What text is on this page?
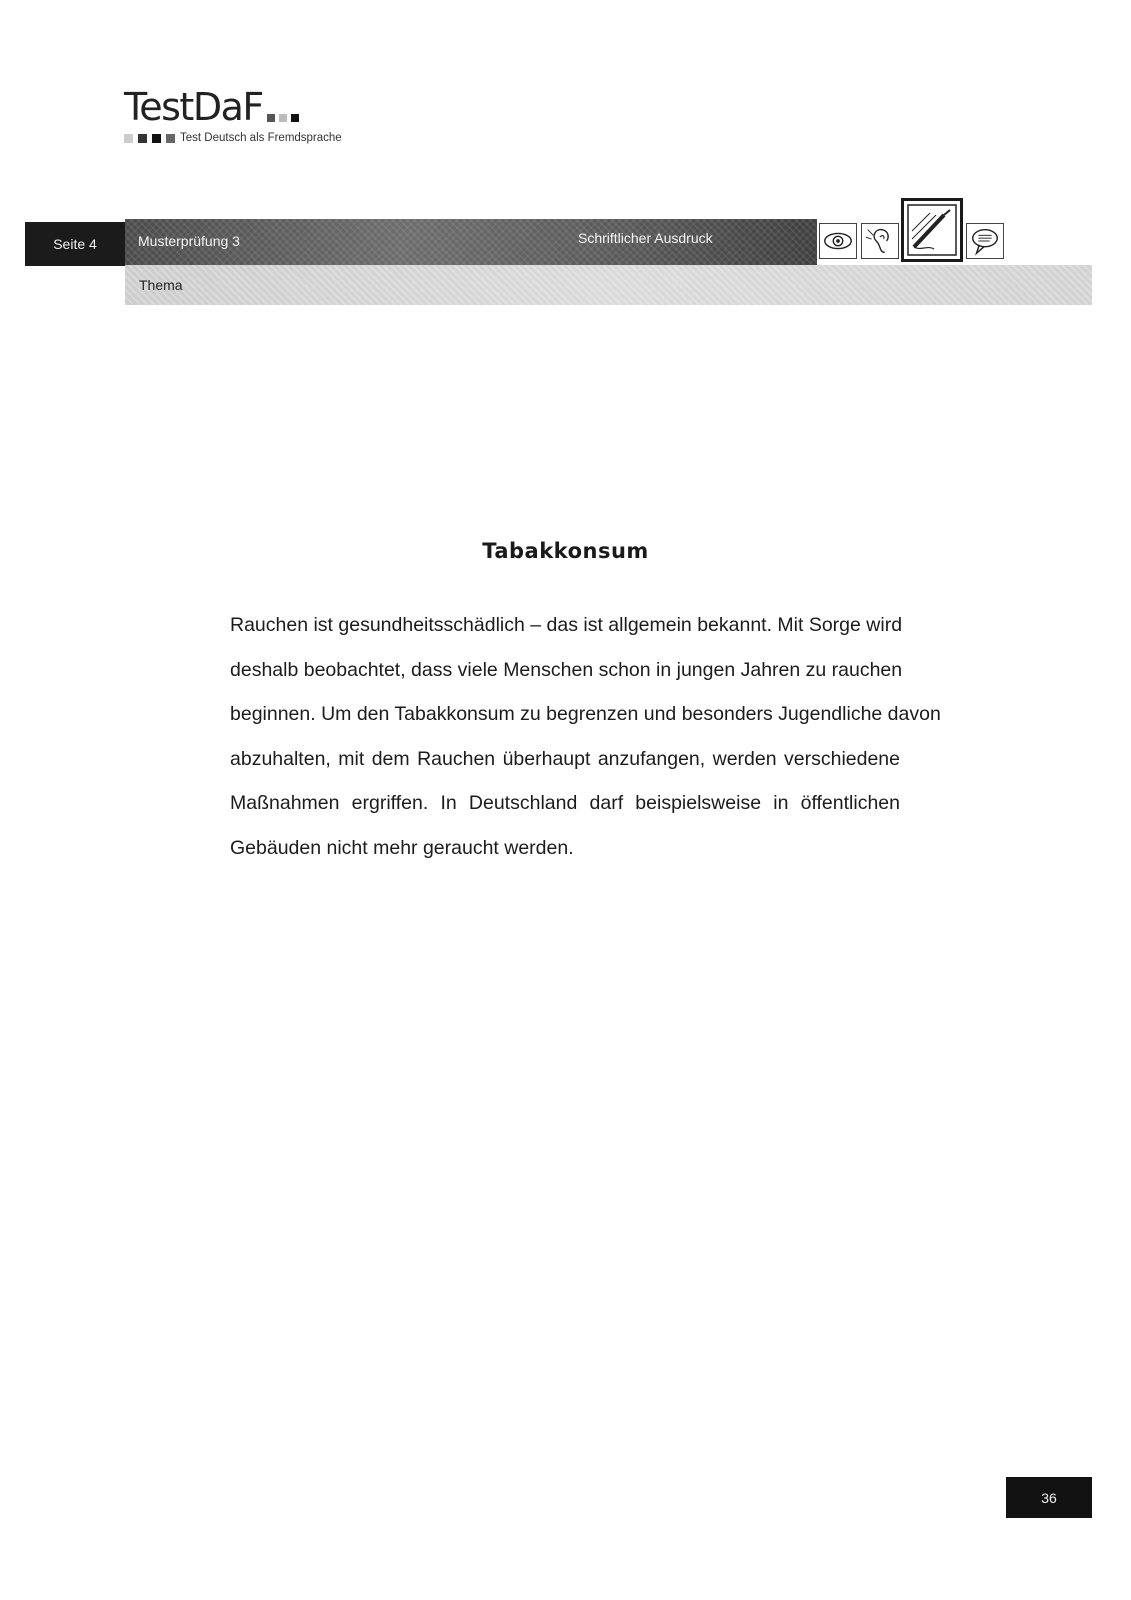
TestDaF
Test Deutsch als Fremdsprache
Seite 4	Musterprüfung 3	Schriftlicher Ausdruck
Thema
Tabakkonsum
Rauchen ist gesundheitsschädlich – das ist allgemein bekannt. Mit Sorge wird
deshalb beobachtet, dass viele Menschen schon in jungen Jahren zu rauchen
beginnen. Um den Tabakkonsum zu begrenzen und besonders Jugendliche davon
abzuhalten, mit dem Rauchen überhaupt anzufangen, werden verschiedene
Maßnahmen ergriffen. In Deutschland darf beispielsweise in öffentlichen
Gebäuden nicht mehr geraucht werden.
36
